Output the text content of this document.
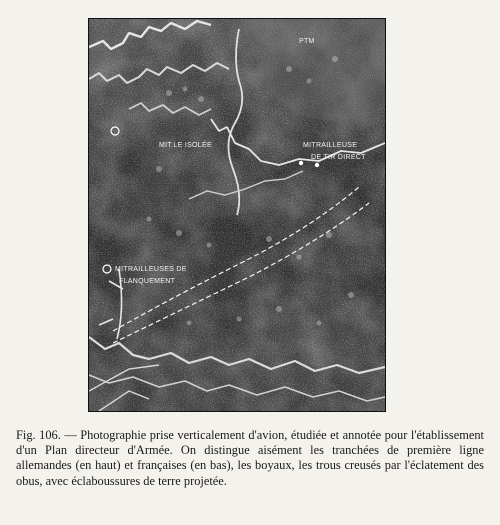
PTM
MIT.LE ISOLÉE	MITRAILLEUSE
DE TIR DIRECT
MITRAILLEUSES DE
FLANQUEMENT
Fig. 106. — Photographie prise verticalement d'avion, étudiée et annotée pour l'établissement d'un Plan directeur d'Armée. On distingue aisément les tranchées de première ligne allemandes (en haut) et françaises (en bas), les boyaux, les trous creusés par l'éclatement des obus, avec éclaboussures de terre projetée.
